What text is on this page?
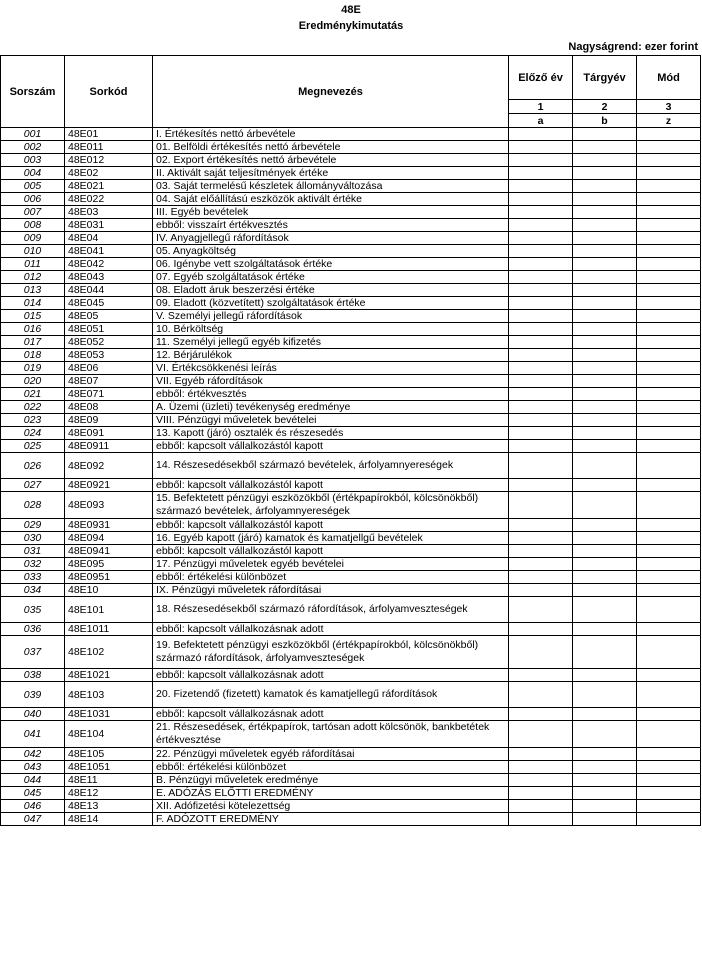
48E
Eredménykimutatás
Nagyságrend: ezer forint
Sorszám	Sorkód	Megnevezés	Előző év	Tárgyév	Mód
			1	2	3
			a	b	z
001	48E01	I. Értékesítés nettó árbevétele			
002	48E011	01. Belföldi értékesítés nettó árbevétele			
003	48E012	02. Export értékesítés nettó árbevétele			
004	48E02	II. Aktivált saját teljesítmények értéke			
005	48E021	03. Saját termelésű készletek állományváltozása			
006	48E022	04. Saját előállítású eszközök aktivált értéke			
007	48E03	III. Egyéb bevételek			
008	48E031	ebből: visszaírt értékvesztés			
009	48E04	IV. Anyagjellegű ráfordítások			
010	48E041	05. Anyagköltség			
011	48E042	06. Igénybe vett szolgáltatások értéke			
012	48E043	07. Egyéb szolgáltatások értéke			
013	48E044	08. Eladott áruk beszerzési értéke			
014	48E045	09. Eladott (közvetített) szolgáltatások értéke			
015	48E05	V. Személyi jellegű ráfordítások			
016	48E051	10. Bérköltség			
017	48E052	11. Személyi jellegű egyéb kifizetés			
018	48E053	12. Bérjárulékok			
019	48E06	VI. Értékcsökkenési leírás			
020	48E07	VII. Egyéb ráfordítások			
021	48E071	ebből: értékvesztés			
022	48E08	A. Üzemi (üzleti) tevékenység eredménye			
023	48E09	VIII. Pénzügyi műveletek bevételei			
024	48E091	13. Kapott (járó) osztalék és részesedés			
025	48E0911	ebből: kapcsolt vállalkozástól kapott			
026	48E092	14. Részesedésekből származó bevételek, árfolyamnyereségek			
027	48E0921	ebből: kapcsolt vállalkozástól kapott			
028	48E093	15. Befektetett pénzügyi eszközökből (értékpapírokból, kölcsönökből) származó bevételek, árfolyamnyereségek			
029	48E0931	ebből: kapcsolt vállalkozástól kapott			
030	48E094	16. Egyéb kapott (járó) kamatok és kamatjellgű bevételek			
031	48E0941	ebből: kapcsolt vállalkozástól kapott			
032	48E095	17. Pénzügyi műveletek egyéb bevételei			
033	48E0951	ebből: értékelési különbözet			
034	48E10	IX. Pénzügyi műveletek ráfordításai			
035	48E101	18. Részesedésekből származó ráfordítások, árfolyamveszteségek			
036	48E1011	ebből: kapcsolt vállalkozásnak adott			
037	48E102	19. Befektetett pénzügyi eszközökből (értékpapírokból, kölcsönökből) származó ráfordítások, árfolyamveszteségek			
038	48E1021	ebből: kapcsolt vállalkozásnak adott			
039	48E103	20. Fizetendő (fizetett) kamatok és kamatjellegű ráfordítások			
040	48E1031	ebből: kapcsolt vállalkozásnak adott			
041	48E104	21. Részesedések, értékpapírok, tartósan adott kölcsönök, bankbetétek értékvesztése			
042	48E105	22. Pénzügyi műveletek egyéb ráfordításai			
043	48E1051	ebből: értékelési különbözet			
044	48E11	B. Pénzügyi műveletek eredménye			
045	48E12	E. ADÓZÁS ELŐTTI EREDMÉNY			
046	48E13	XII. Adófizetési kötelezettség			
047	48E14	F. ADÓZOTT EREDMÉNY			
